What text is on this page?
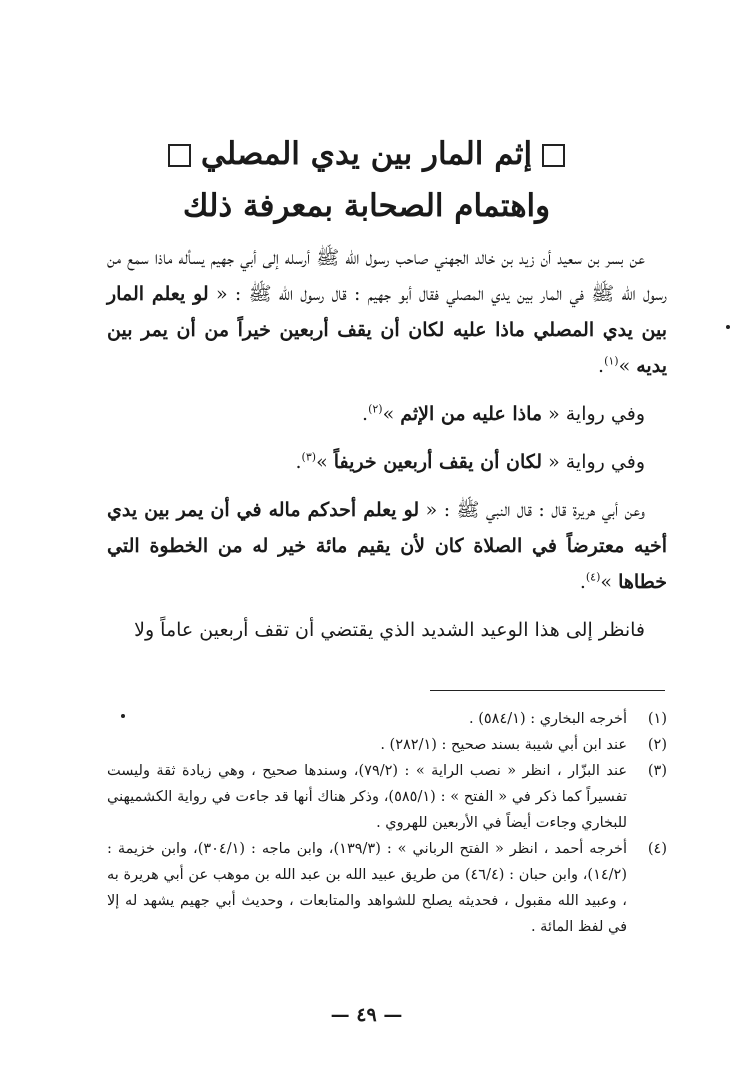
إثم المار بين يدي المصلي
واهتمام الصحابة بمعرفة ذلك

عن بسر بن سعيد أن زيد بن خالد الجهني صاحب رسول الله ﷺ أرسله إلى أبي جهيم يسأله ماذا سمع من رسول الله ﷺ في المار بين يدي المصلي فقال أبو جهيم : قال رسول الله ﷺ : « لو يعلم المار بين يدي المصلي ماذا عليه لكان أن يقف أربعين خيراً من أن يمر بين يديه »$^{(١)}$.

وفي رواية « ماذا عليه من الإثم »$^{(٢)}$.

وفي رواية « لكان أن يقف أربعين خريفاً »$^{(٣)}$.

وعن أبي هريرة قال : قال النبي ﷺ : « لو يعلم أحدكم ماله في أن يمر بين يدي أخيه معترضاً في الصلاة كان لأن يقيم مائة خير له من الخطوة التي خطاها »$^{(٤)}$.

فانظر إلى هذا الوعيد الشديد الذي يقتضي أن تقف أربعين عاماً ولا

(١)
أخرجه البخاري : (٥٨٤/١) .
(٢)
عند ابن أبي شيبة بسند صحيح : (٢٨٢/١) .
(٣)
عند البزّار ، انظر « نصب الراية » : (٧٩/٢)، وسندها صحيح ، وهي زيادة ثقة وليست تفسيراً كما ذكر في « الفتح » : (٥٨٥/١)، وذكر هناك أنها قد جاءت في رواية الكشميهني للبخاري وجاءت أيضاً في الأربعين للهروي .
(٤)
أخرجه أحمد ، انظر « الفتح الرباني » : (١٣٩/٣)، وابن ماجه : (٣٠٤/١)، وابن خزيمة : (١٤/٢)، وابن حبان : (٤٦/٤) من طريق عبيد الله بن عبد الله بن موهب عن أبي هريرة به ، وعبيد الله مقبول ، فحديثه يصلح للشواهد والمتابعات ، وحديث أبي جهيم يشهد له إلا في لفظ المائة .
— ٤٩ —
